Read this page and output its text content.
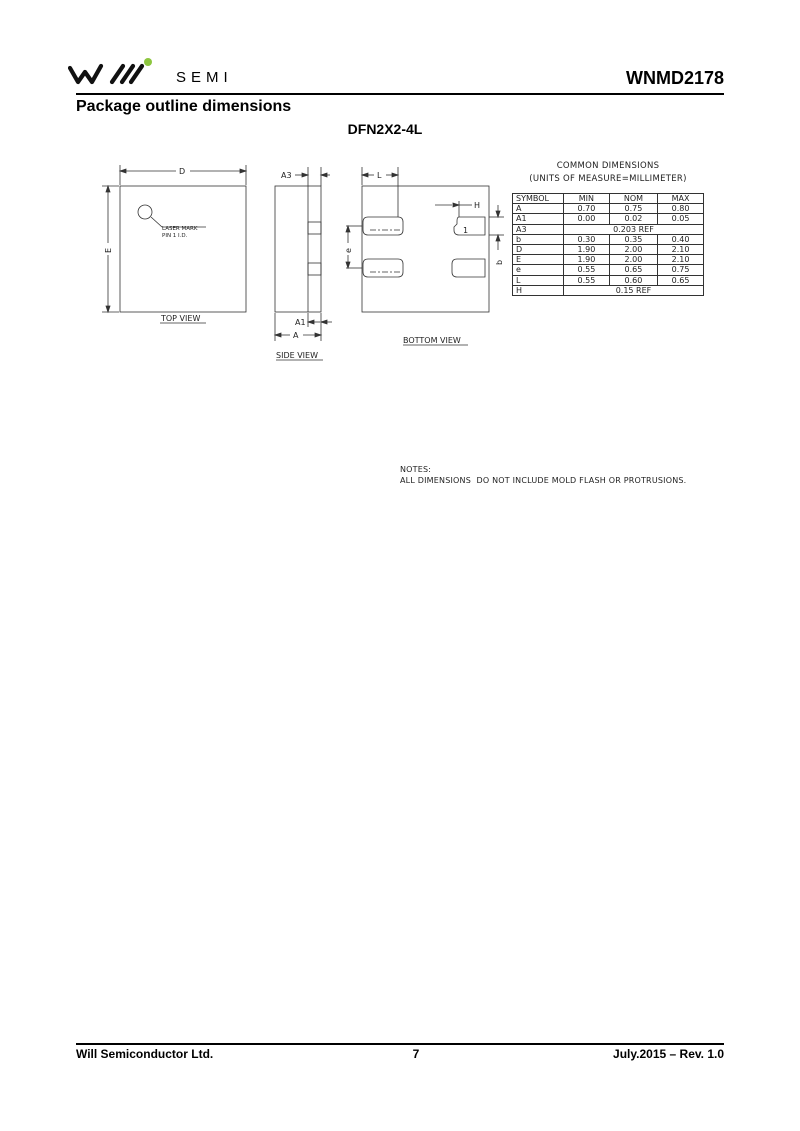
SEMI	WNMD2178
Package outline dimensions
DFN2X2-4L
D
E
LASER MARK
PIN 1 I.D.
TOP VIEW
A3
A1
A
SIDE VIEW
L
H
e
b
1
BOTTOM VIEW
COMMON DIMENSIONS
(UNITS OF MEASURE=MILLIMETER)
SYMBOL	MIN	NOM	MAX
A	0.70	0.75	0.80
A1	0.00	0.02	0.05
A3	0.203 REF		
b	0.30	0.35	0.40
D	1.90	2.00	2.10
E	1.90	2.00	2.10
e	0.55	0.65	0.75
L	0.55	0.60	0.65
H	0.15 REF		
NOTES:
ALL DIMENSIONS  DO NOT INCLUDE MOLD FLASH OR PROTRUSIONS.
Will Semiconductor Ltd.	7	July.2015 – Rev. 1.0
